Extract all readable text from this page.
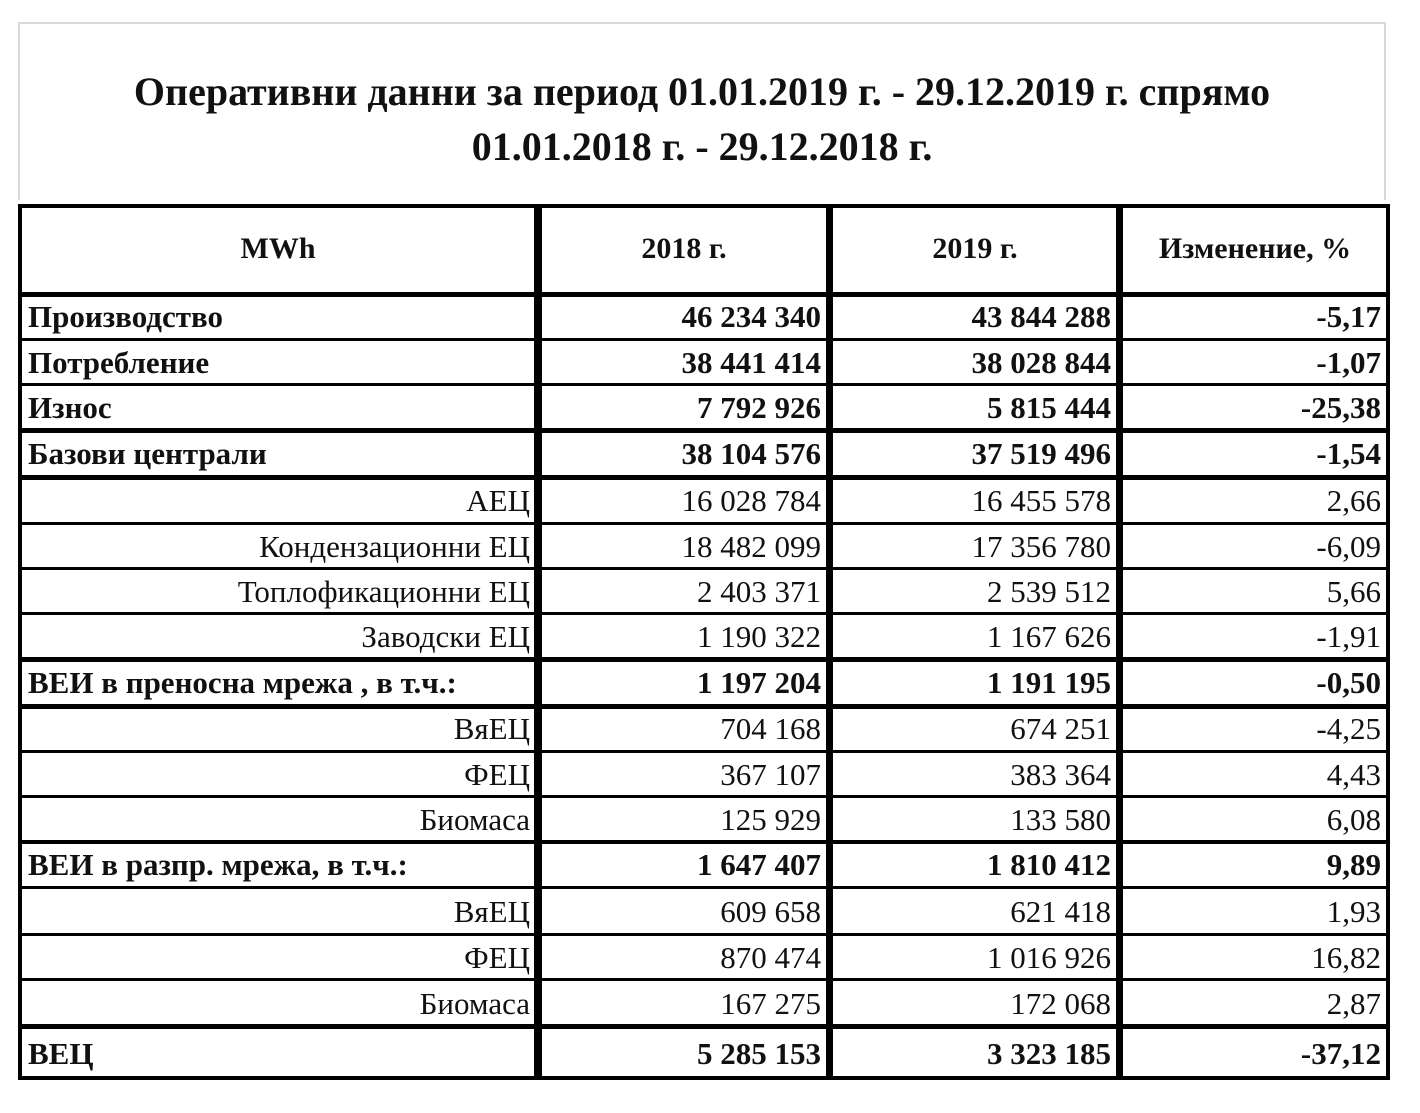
Оперативни данни за период 01.01.2019 г. - 29.12.2019 г. спрямо
01.01.2018 г. - 29.12.2018 г.
MWh	2018 г.	2019 г.	Изменение, %
Производство	46 234 340	43 844 288	-5,17
Потребление	38 441 414	38 028 844	-1,07
Износ	7 792 926	5 815 444	-25,38
Базови централи	38 104 576	37 519 496	-1,54
АЕЦ	16 028 784	16 455 578	2,66
Кондензационни ЕЦ	18 482 099	17 356 780	-6,09
Топлофикационни ЕЦ	2 403 371	2 539 512	5,66
Заводски ЕЦ	1 190 322	1 167 626	-1,91
ВЕИ в преносна мрежа , в т.ч.:	1 197 204	1 191 195	-0,50
ВяЕЦ	704 168	674 251	-4,25
ФЕЦ	367 107	383 364	4,43
Биомаса	125 929	133 580	6,08
ВЕИ в разпр. мрежа, в т.ч.:	1 647 407	1 810 412	9,89
ВяЕЦ	609 658	621 418	1,93
ФЕЦ	870 474	1 016 926	16,82
Биомаса	167 275	172 068	2,87
ВЕЦ	5 285 153	3 323 185	-37,12
